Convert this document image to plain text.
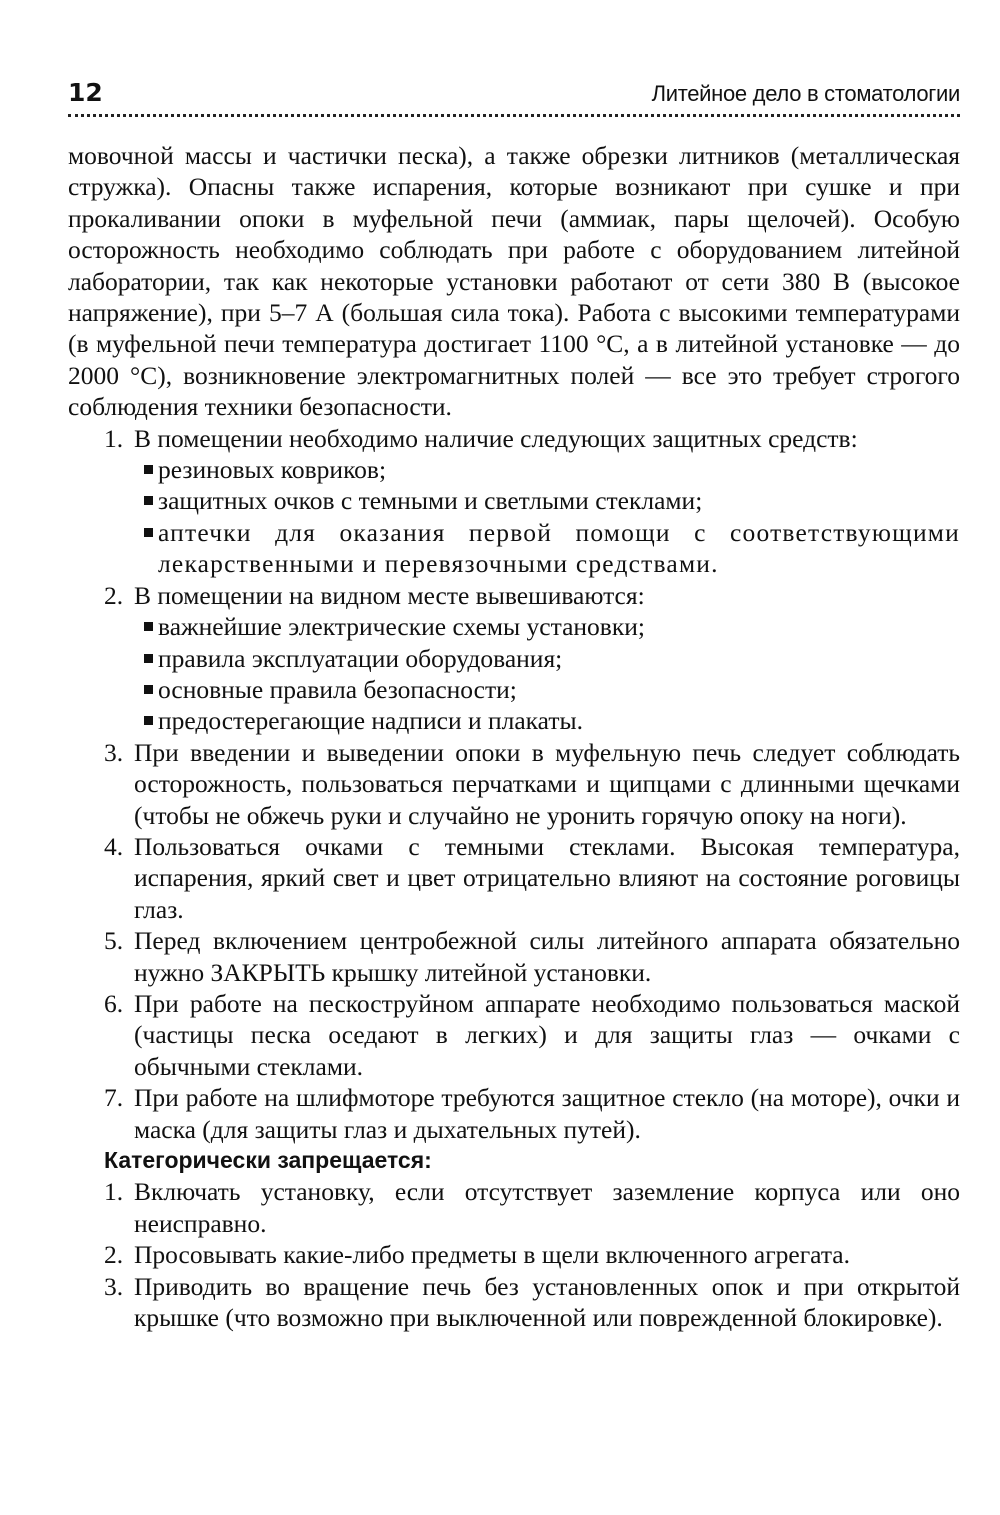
12	Литейное дело в стоматологии

мовочной массы и частички песка), а также обрезки литников (металлическая стружка). Опасны также испарения, которые возникают при сушке и при прокаливании опоки в муфельной печи (аммиак, пары щелочей). Особую осторожность необходимо соблюдать при работе с оборудованием литейной лаборатории, так как некоторые установки работают от сети 380 В (высокое напряжение), при 5–7 А (большая сила тока). Работа с высокими температурами (в муфельной печи температура достигает 1100 °С, а в литейной установке — до 2000 °С), возникновение электромагнитных полей — все это требует строгого соблюдения техники безопасности.

1. В помещении необходимо наличие следующих защитных средств:
резиновых ковриков;
защитных очков с темными и светлыми стеклами;
аптечки для оказания первой помощи с соответствующими лекарственными и перевязочными средствами.
2. В помещении на видном месте вывешиваются:
важнейшие электрические схемы установки;
правила эксплуатации оборудования;
основные правила безопасности;
предостерегающие надписи и плакаты.
3. При введении и выведении опоки в муфельную печь следует соблюдать осторожность, пользоваться перчатками и щипцами с длинными щечками (чтобы не обжечь руки и случайно не уронить горячую опоку на ноги).
4. Пользоваться очками с темными стеклами. Высокая температура, испарения, яркий свет и цвет отрицательно влияют на состояние роговицы глаз.
5. Перед включением центробежной силы литейного аппарата обязательно нужно ЗАКРЫТЬ крышку литейной установки.
6. При работе на пескоструйном аппарате необходимо пользоваться маской (частицы песка оседают в легких) и для защиты глаз — очками с обычными стеклами.
7. При работе на шлифмоторе требуются защитное стекло (на моторе), очки и маска (для защиты глаз и дыхательных путей).

Категорически запрещается:

1. Включать установку, если отсутствует заземление корпуса или оно неисправно.
2. Просовывать какие-либо предметы в щели включенного агрегата.
3. Приводить во вращение печь без установленных опок и при открытой крышке (что возможно при выключенной или поврежденной блокировке).
